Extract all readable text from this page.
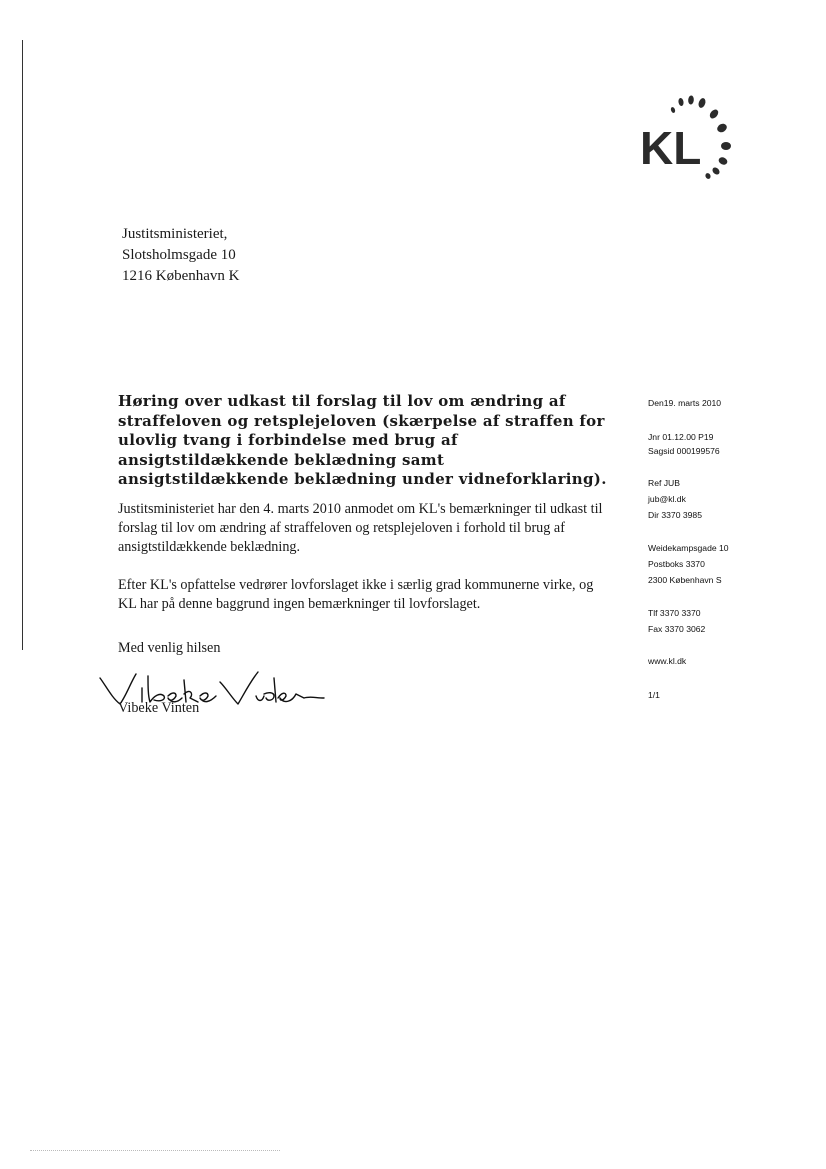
KL
Justitsministeriet,
Slotsholmsgade 10
1216 København K
Høring over udkast til forslag til lov om ændring af straffeloven og retsplejeloven (skærpelse af straffen for ulovlig tvang i forbindelse med brug af ansigtstildækkende beklædning samt ansigtstildækkende beklædning under vidneforklaring).

Justitsministeriet har den 4. marts 2010 anmodet om KL's bemærkninger til udkast til forslag til lov om ændring af straffeloven og retsplejeloven i forhold til brug af ansigtstildækkende beklædning.

Efter KL's opfattelse vedrører lovforslaget ikke i særlig grad kommunerne virke, og KL har på denne baggrund ingen bemærkninger til lovforslaget.

Med venlig hilsen
Vibeke Vinten
Den19. marts 2010
Jnr 01.12.00 P19
Sagsid 000199576
Ref JUB
jub@kl.dk
Dir 3370 3985
Weidekampsgade 10
Postboks 3370
2300 København S
Tlf 3370 3370
Fax 3370 3062
www.kl.dk
1/1
